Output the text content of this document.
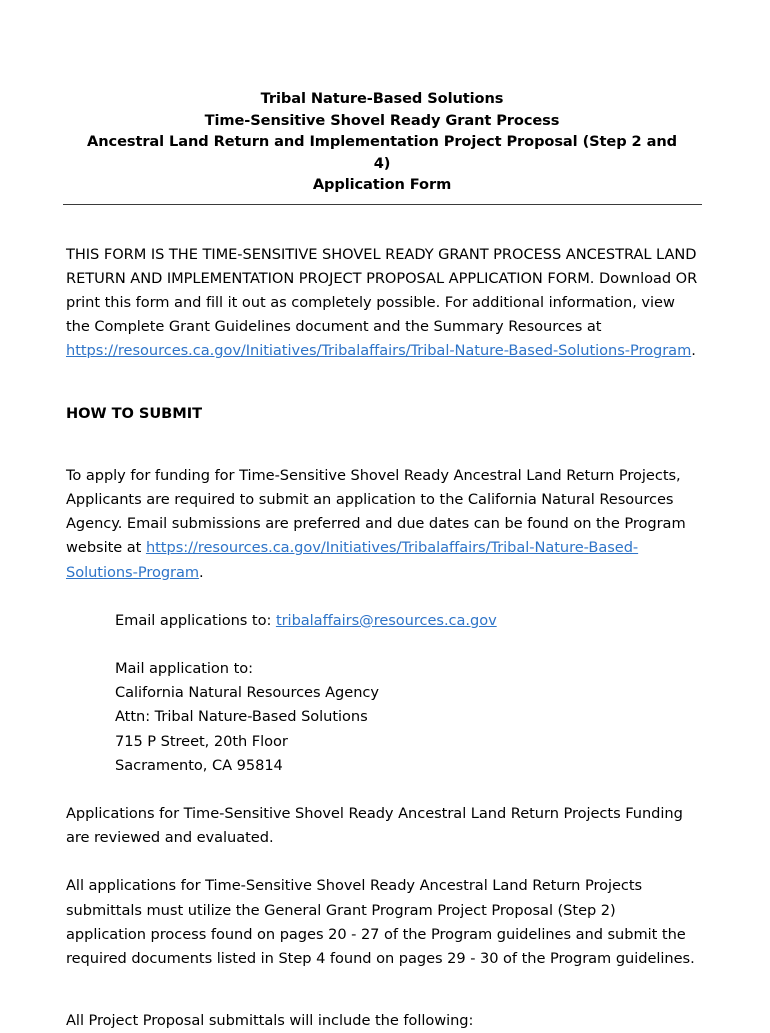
Tribal Nature-Based Solutions
Time-Sensitive Shovel Ready Grant Process
Ancestral Land Return and Implementation Project Proposal (Step 2 and
4)
Application Form

THIS FORM IS THE TIME-SENSITIVE SHOVEL READY GRANT PROCESS ANCESTRAL LAND RETURN AND IMPLEMENTATION PROJECT PROPOSAL APPLICATION FORM. Download OR print this form and fill it out as completely possible. For additional information, view the Complete Grant Guidelines document and the Summary Resources at https://resources.ca.gov/Initiatives/Tribalaffairs/Tribal-Nature-Based-Solutions-Program.

HOW TO SUBMIT

To apply for funding for Time-Sensitive Shovel Ready Ancestral Land Return Projects, Applicants are required to submit an application to the California Natural Resources Agency. Email submissions are preferred and due dates can be found on the Program website at https://resources.ca.gov/Initiatives/Tribalaffairs/Tribal-Nature-Based-Solutions-Program.

Email applications to: tribalaffairs@resources.ca.gov

Mail application to:

California Natural Resources Agency

Attn: Tribal Nature-Based Solutions

715 P Street, 20th Floor

Sacramento, CA 95814

Applications for Time-Sensitive Shovel Ready Ancestral Land Return Projects Funding are reviewed and evaluated.

All applications for Time-Sensitive Shovel Ready Ancestral Land Return Projects submittals must utilize the General Grant Program Project Proposal (Step 2) application process found on pages 20 - 27 of the Program guidelines and submit the required documents listed in Step 4 found on pages 29 - 30 of the Program guidelines.

All Project Proposal submittals will include the following:
